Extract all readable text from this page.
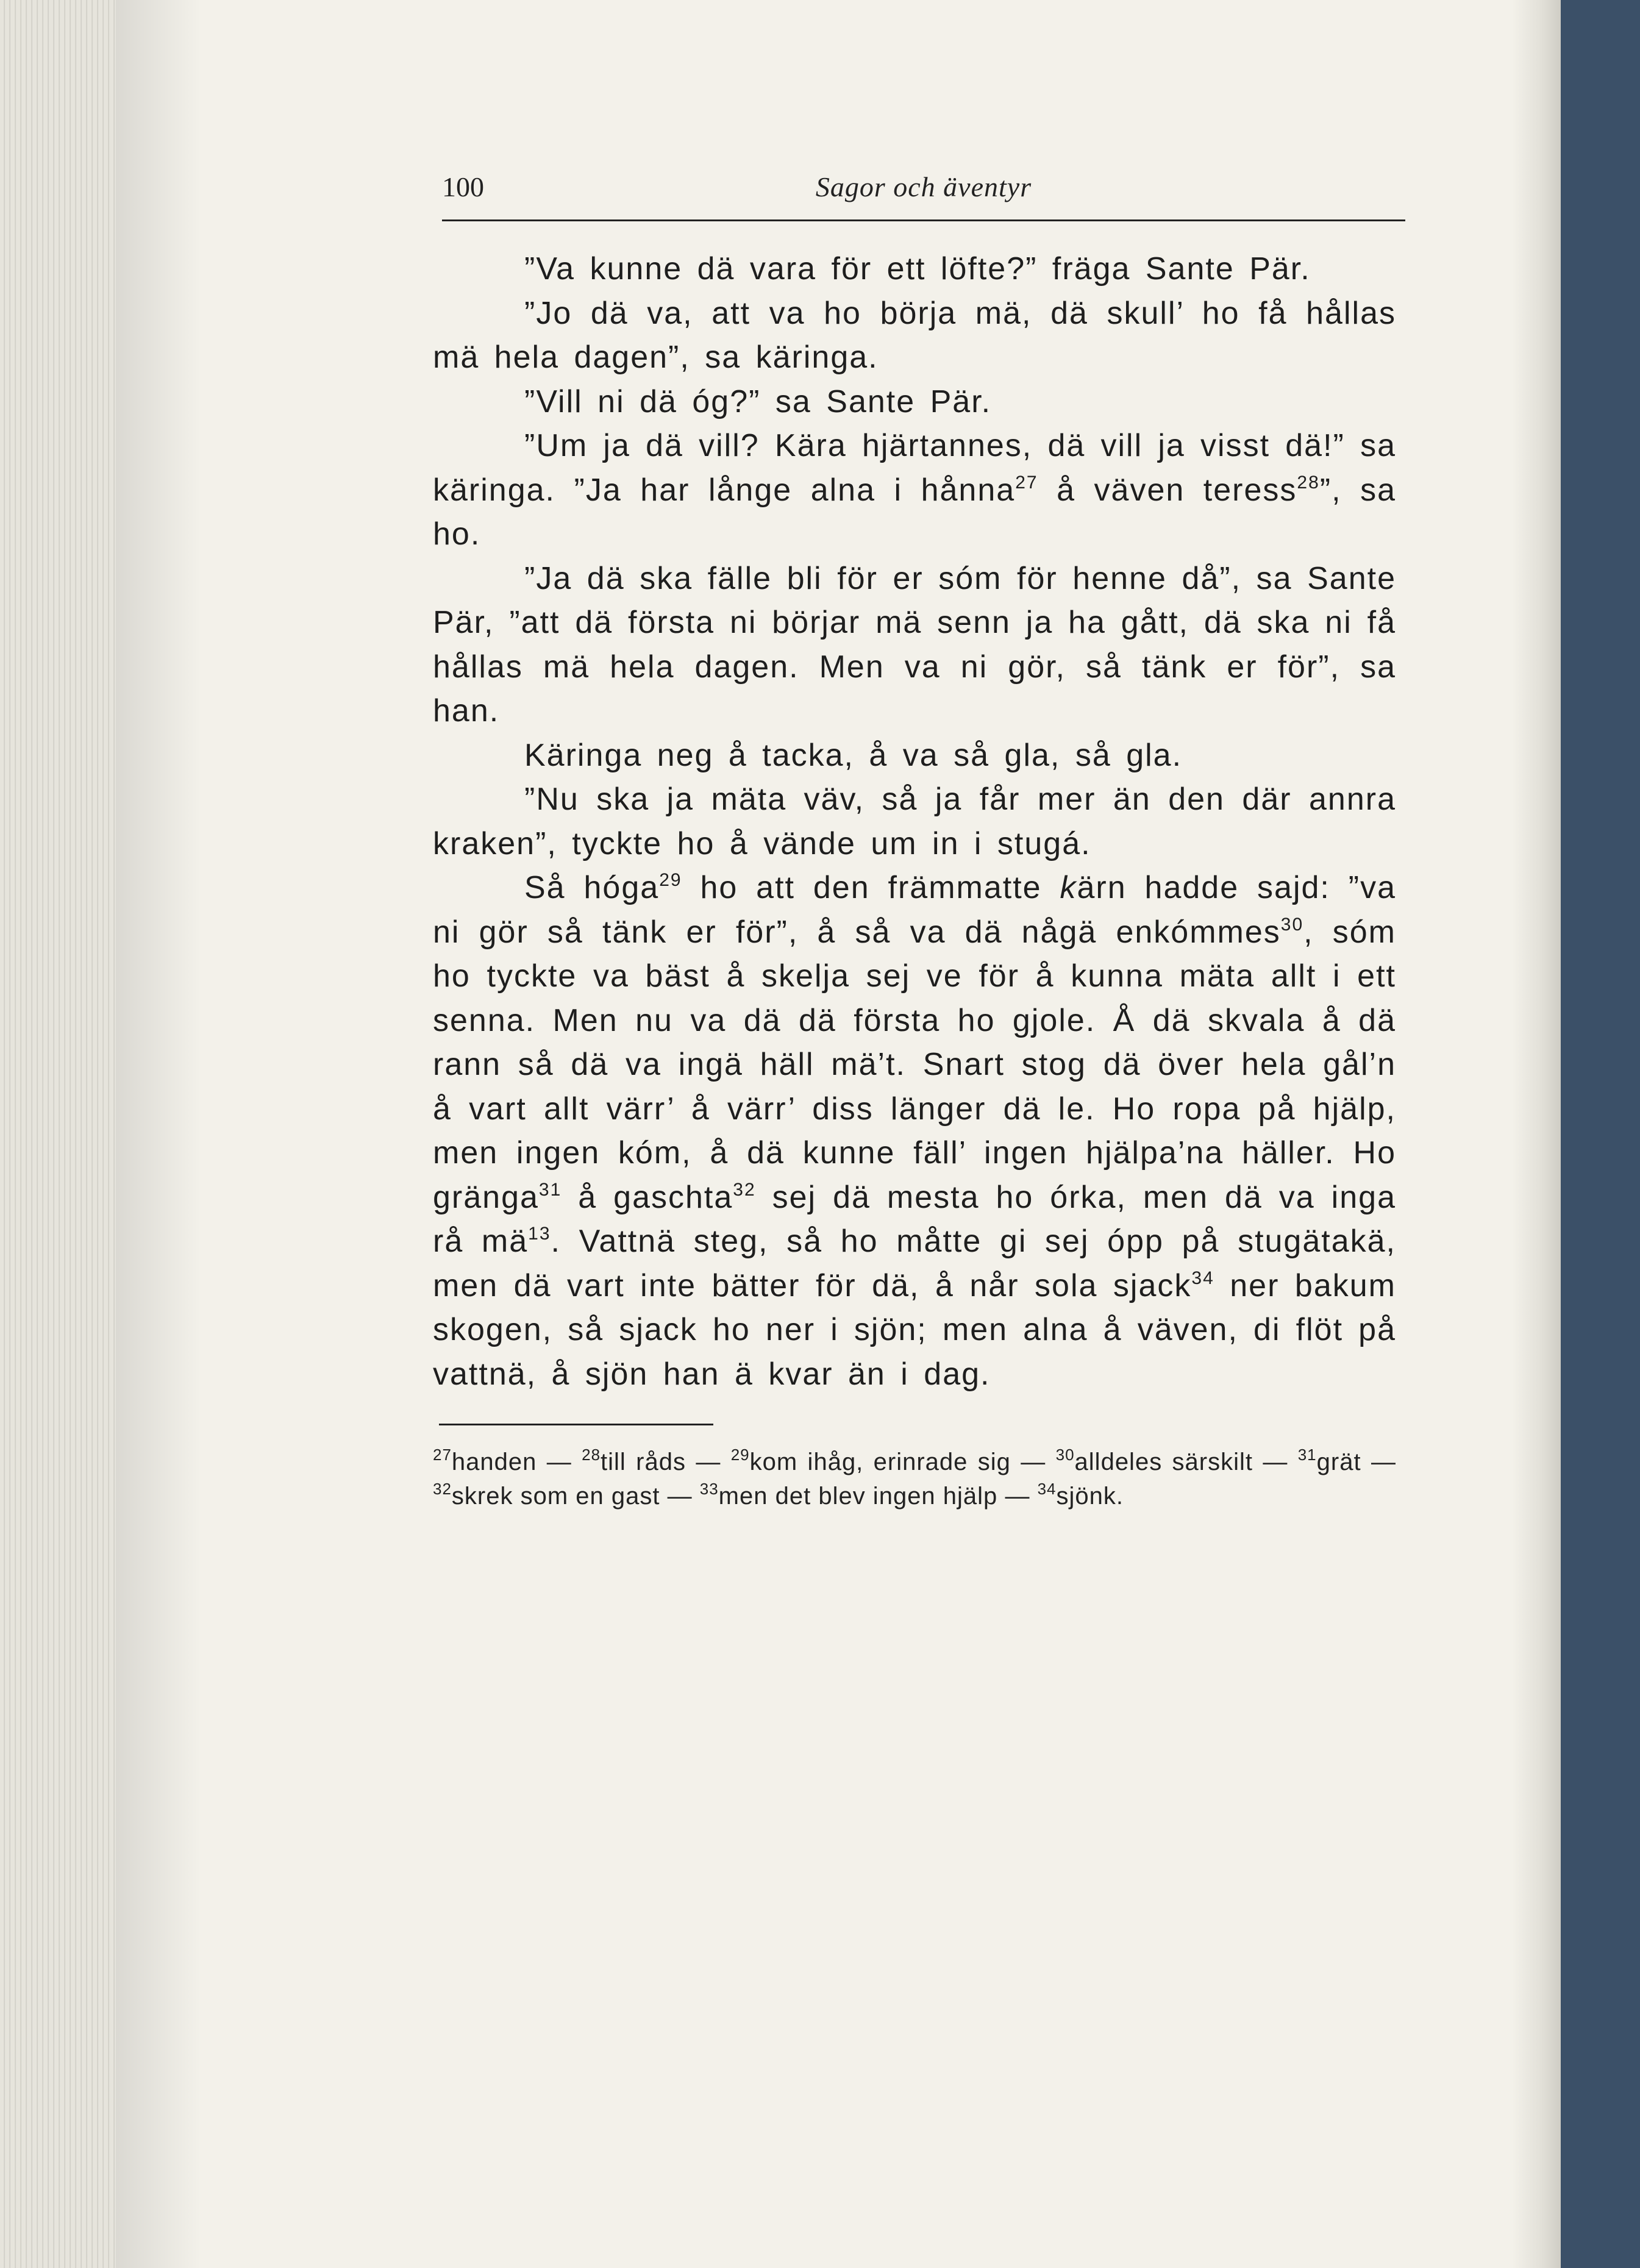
100	Sagor och äventyr

”Va kunne dä vara för ett löfte?” fräga Sante Pär.

”Jo dä va, att va ho börja mä, dä skull’ ho få hållas mä hela dagen”, sa käringa.

”Vill ni dä óg?” sa Sante Pär.

”Um ja dä vill? Kära hjärtannes, dä vill ja visst dä!” sa käringa. ”Ja har långe alna i hånna$^{27}$ å väven teress$^{28}$”, sa ho.

”Ja dä ska fälle bli för er sóm för henne då”, sa Sante Pär, ”att dä första ni börjar mä senn ja ha gått, dä ska ni få hållas mä hela dagen. Men va ni gör, så tänk er för”, sa han.

Käringa neg å tacka, å va så gla, så gla.

”Nu ska ja mäta väv, så ja får mer än den där annra kraken”, tyckte ho å vände um in i stugá.

Så hóga$^{29}$ ho att den främmatte kärn hadde sajd: ”va ni gör så tänk er för”, å så va dä någä enkómmes$^{30}$, sóm ho tyckte va bäst å skelja sej ve för å kunna mäta allt i ett senna. Men nu va dä dä första ho gjole. Å dä skvala å dä rann så dä va ingä häll mä’t. Snart stog dä över hela gål’n å vart allt värr’ å värr’ diss länger dä le. Ho ropa på hjälp, men ingen kóm, å dä kunne fäll’ ingen hjälpa’na häller. Ho gränga$^{31}$ å gaschta$^{32}$ sej dä mesta ho órka, men dä va inga rå $mä^{13}$. Vattnä steg, så ho måtte gi sej ópp på stugätakä, men dä vart inte bätter för dä, å når sola sjack$^{34}$ ner bakum skogen, så sjack ho ner i sjön; men alna å väven, di flöt på vattnä, å sjön han ä kvar än i dag.

$^{27}$handen — $^{28}$till råds — $^{29}$kom ihåg, erinrade sig — $^{30}$alldeles särskilt — $^{31}$grät — $^{32}$skrek som en gast — $^{33}$men det blev ingen hjälp — $^{34}$sjönk.
